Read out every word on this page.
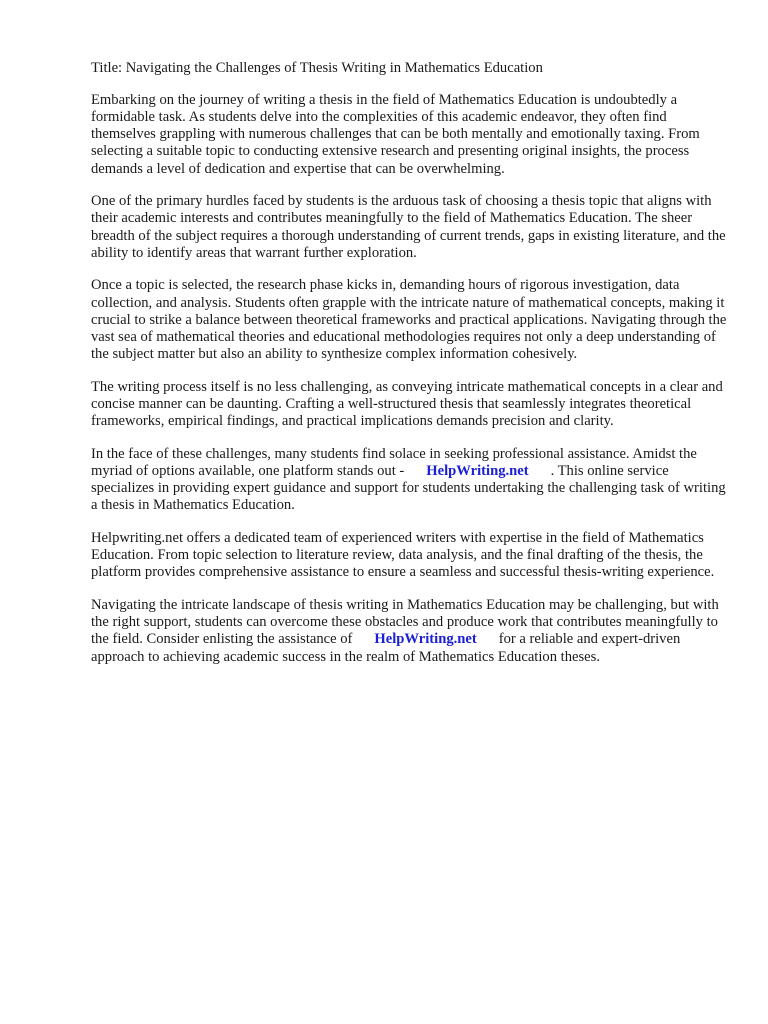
Title: Navigating the Challenges of Thesis Writing in Mathematics Education

Embarking on the journey of writing a thesis in the field of Mathematics Education is undoubtedly a formidable task. As students delve into the complexities of this academic endeavor, they often find themselves grappling with numerous challenges that can be both mentally and emotionally taxing. From selecting a suitable topic to conducting extensive research and presenting original insights, the process demands a level of dedication and expertise that can be overwhelming.

One of the primary hurdles faced by students is the arduous task of choosing a thesis topic that aligns with their academic interests and contributes meaningfully to the field of Mathematics Education. The sheer breadth of the subject requires a thorough understanding of current trends, gaps in existing literature, and the ability to identify areas that warrant further exploration.

Once a topic is selected, the research phase kicks in, demanding hours of rigorous investigation, data collection, and analysis. Students often grapple with the intricate nature of mathematical concepts, making it crucial to strike a balance between theoretical frameworks and practical applications. Navigating through the vast sea of mathematical theories and educational methodologies requires not only a deep understanding of the subject matter but also an ability to synthesize complex information cohesively.

The writing process itself is no less challenging, as conveying intricate mathematical concepts in a clear and concise manner can be daunting. Crafting a well-structured thesis that seamlessly integrates theoretical frameworks, empirical findings, and practical implications demands precision and clarity.

In the face of these challenges, many students find solace in seeking professional assistance. Amidst the myriad of options available, one platform stands out - HelpWriting.net . This online service specializes in providing expert guidance and support for students undertaking the challenging task of writing a thesis in Mathematics Education.

Helpwriting.net offers a dedicated team of experienced writers with expertise in the field of Mathematics Education. From topic selection to literature review, data analysis, and the final drafting of the thesis, the platform provides comprehensive assistance to ensure a seamless and successful thesis-writing experience.

Navigating the intricate landscape of thesis writing in Mathematics Education may be challenging, but with the right support, students can overcome these obstacles and produce work that contributes meaningfully to the field. Consider enlisting the assistance of HelpWriting.net for a reliable and expert-driven approach to achieving academic success in the realm of Mathematics Education theses.
